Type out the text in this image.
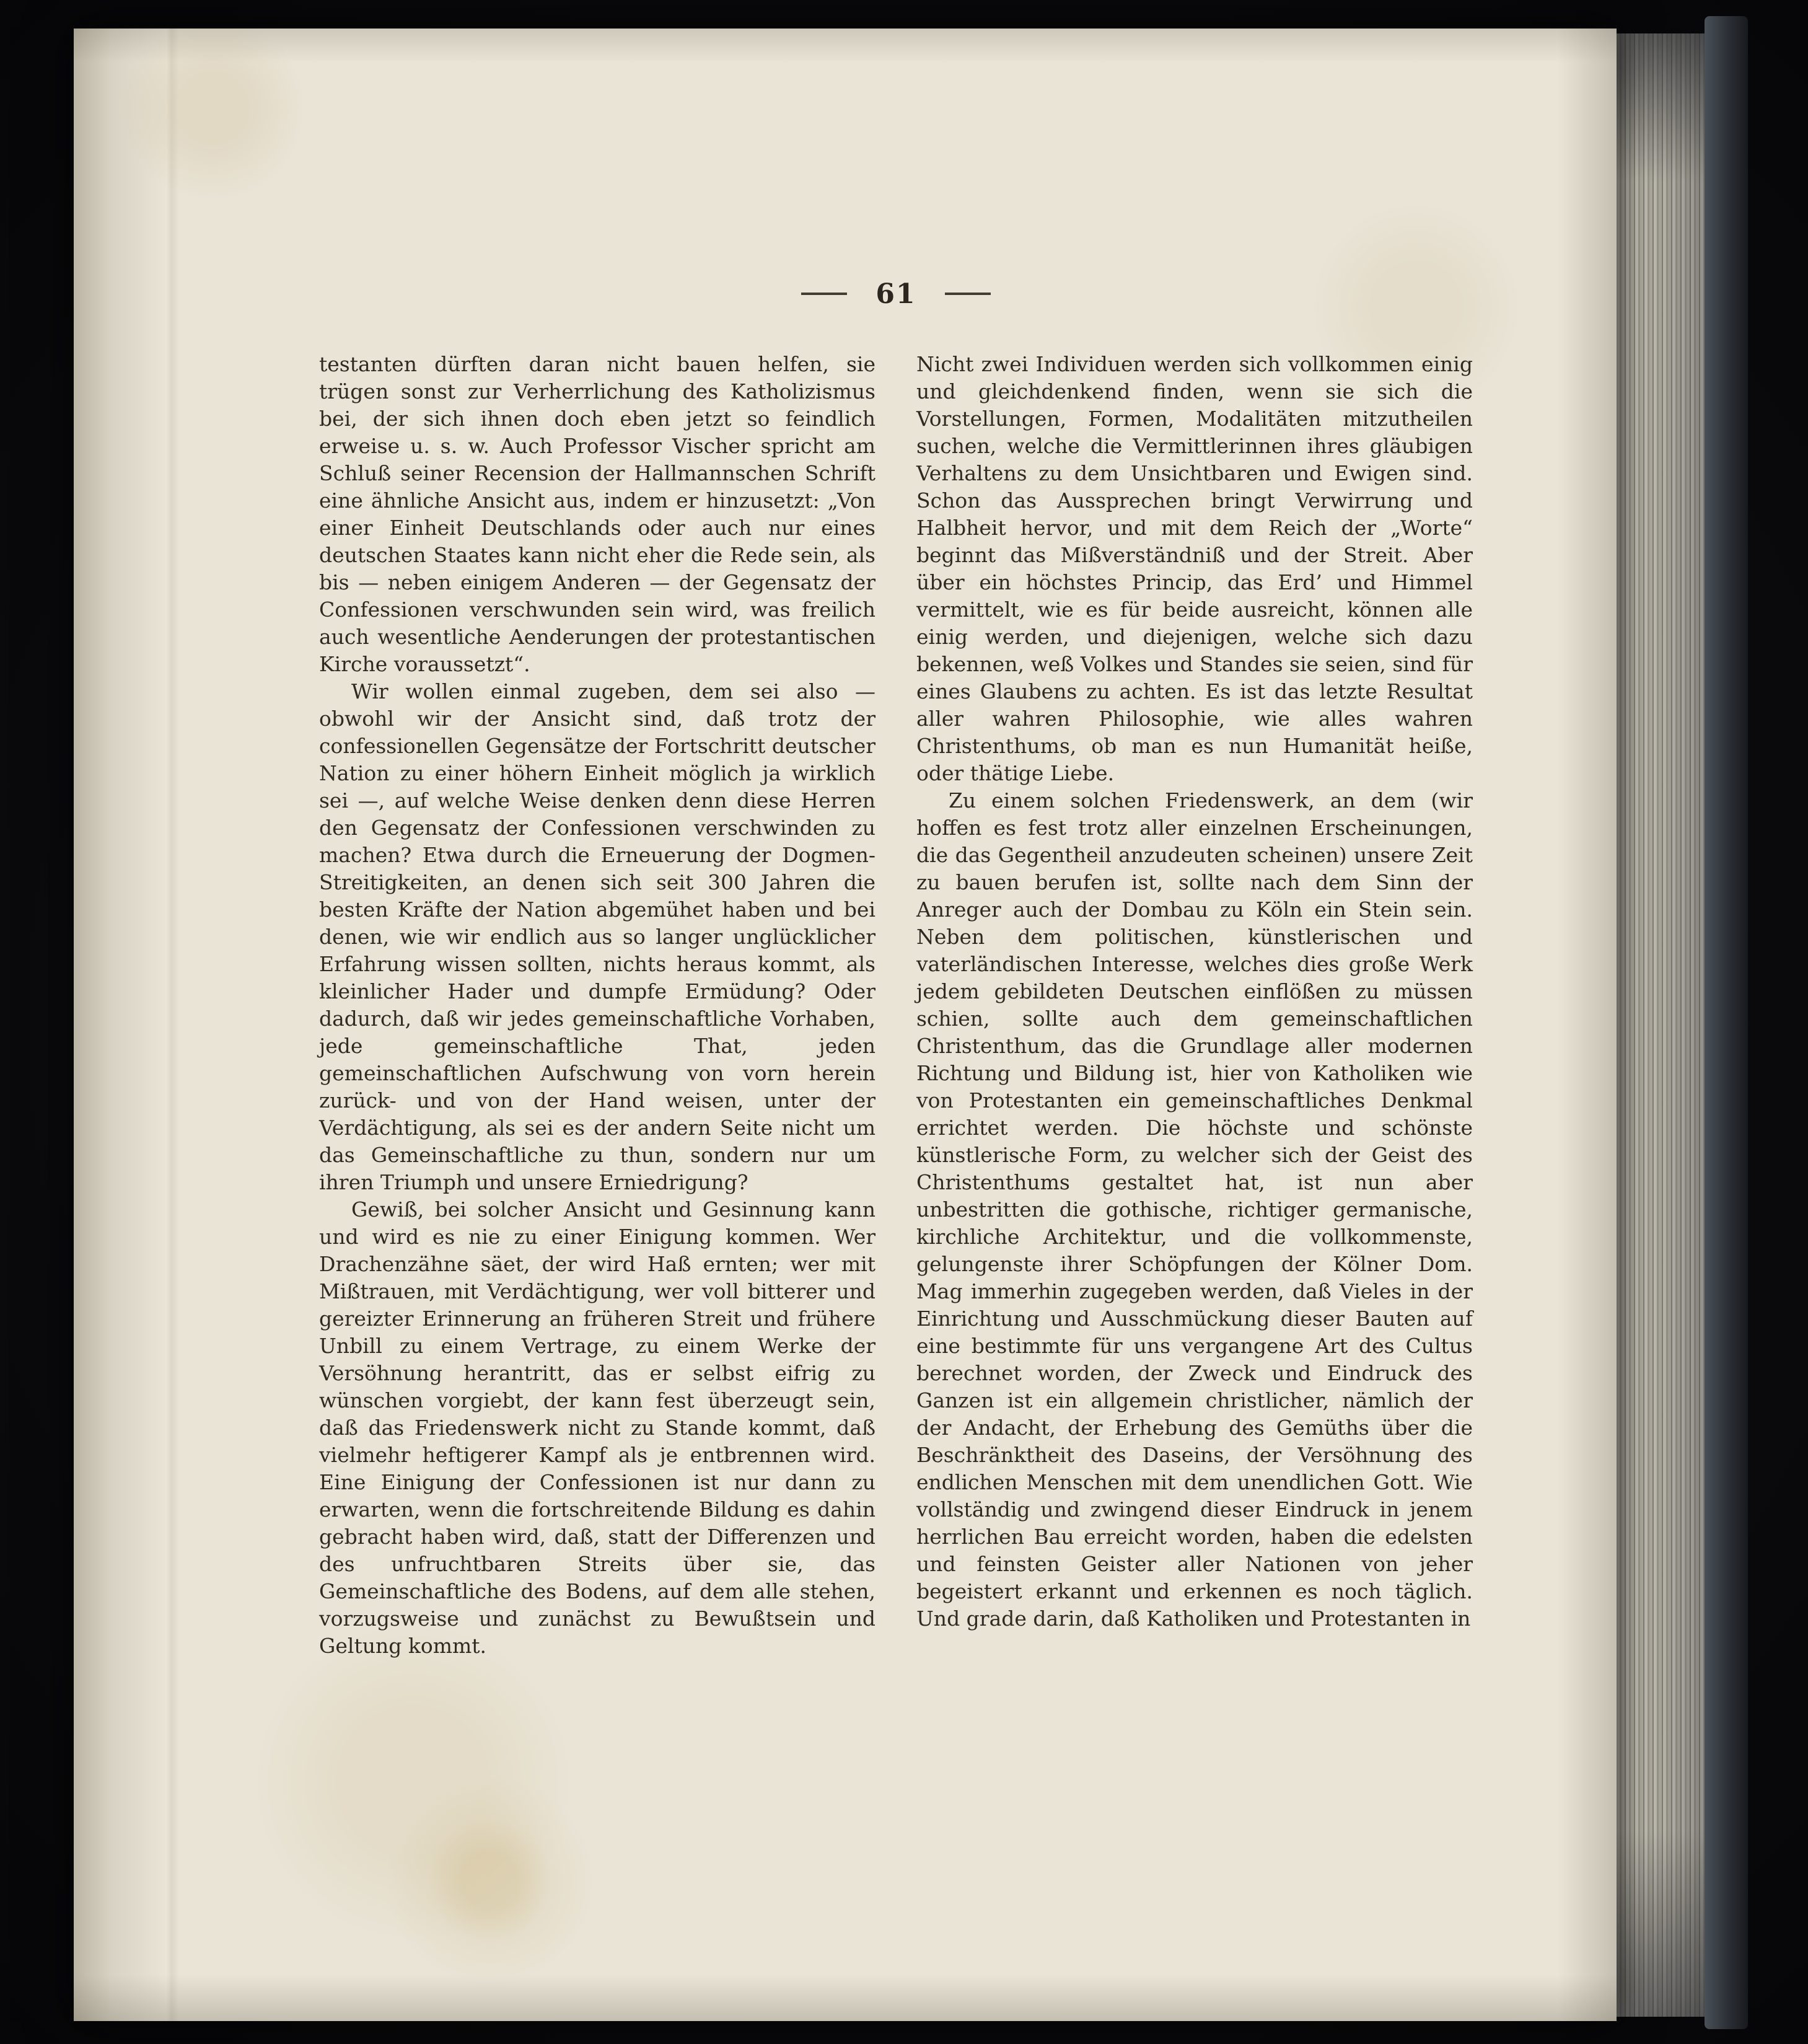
61

testanten dürften daran nicht bauen helfen, sie trügen sonst zur Verherrlichung des Katholizismus bei, der sich ihnen doch eben jetzt so feindlich erweise u. s. w. Auch Professor Vischer spricht am Schluß seiner Recension der Hallmannschen Schrift eine ähnliche Ansicht aus, indem er hinzusetzt: „Von einer Einheit Deutschlands oder auch nur eines deutschen Staates kann nicht eher die Rede sein, als bis — neben einigem Anderen — der Gegensatz der Confessionen verschwunden sein wird, was freilich auch wesentliche Aenderungen der protestantischen Kirche voraussetzt“.

Wir wollen einmal zugeben, dem sei also — obwohl wir der Ansicht sind, daß trotz der confessionellen Gegensätze der Fortschritt deutscher Nation zu einer höhern Einheit möglich ja wirklich sei —, auf welche Weise denken denn diese Herren den Gegensatz der Confessionen verschwinden zu machen? Etwa durch die Erneuerung der Dogmen-Streitigkeiten, an denen sich seit 300 Jahren die besten Kräfte der Nation abgemühet haben und bei denen, wie wir endlich aus so langer unglücklicher Erfahrung wissen sollten, nichts heraus kommt, als kleinlicher Hader und dumpfe Ermüdung? Oder dadurch, daß wir jedes gemeinschaftliche Vorhaben, jede gemeinschaftliche That, jeden gemeinschaftlichen Aufschwung von vorn herein zurück- und von der Hand weisen, unter der Verdächtigung, als sei es der andern Seite nicht um das Gemeinschaftliche zu thun, sondern nur um ihren Triumph und unsere Erniedrigung?

Gewiß, bei solcher Ansicht und Gesinnung kann und wird es nie zu einer Einigung kommen. Wer Drachenzähne säet, der wird Haß ernten; wer mit Mißtrauen, mit Verdächtigung, wer voll bitterer und gereizter Erinnerung an früheren Streit und frühere Unbill zu einem Vertrage, zu einem Werke der Versöhnung herantritt, das er selbst eifrig zu wünschen vorgiebt, der kann fest überzeugt sein, daß das Friedenswerk nicht zu Stande kommt, daß vielmehr heftigerer Kampf als je entbrennen wird. Eine Einigung der Confessionen ist nur dann zu erwarten, wenn die fortschreitende Bildung es dahin gebracht haben wird, daß, statt der Differenzen und des unfruchtbaren Streits über sie, das Gemeinschaftliche des Bodens, auf dem alle stehen, vorzugsweise und zunächst zu Bewußtsein und Geltung kommt.

Nicht zwei Individuen werden sich vollkommen einig und gleichdenkend finden, wenn sie sich die Vorstellungen, Formen, Modalitäten mitzutheilen suchen, welche die Vermittlerinnen ihres gläubigen Verhaltens zu dem Unsichtbaren und Ewigen sind. Schon das Aussprechen bringt Verwirrung und Halbheit hervor, und mit dem Reich der „Worte“ beginnt das Mißverständniß und der Streit. Aber über ein höchstes Princip, das Erd’ und Himmel vermittelt, wie es für beide ausreicht, können alle einig werden, und diejenigen, welche sich dazu bekennen, weß Volkes und Standes sie seien, sind für eines Glaubens zu achten. Es ist das letzte Resultat aller wahren Philosophie, wie alles wahren Christenthums, ob man es nun Humanität heiße, oder thätige Liebe.

Zu einem solchen Friedenswerk, an dem (wir hoffen es fest trotz aller einzelnen Erscheinungen, die das Gegentheil anzudeuten scheinen) unsere Zeit zu bauen berufen ist, sollte nach dem Sinn der Anreger auch der Dombau zu Köln ein Stein sein. Neben dem politischen, künstlerischen und vaterländischen Interesse, welches dies große Werk jedem gebildeten Deutschen einflößen zu müssen schien, sollte auch dem gemeinschaftlichen Christenthum, das die Grundlage aller modernen Richtung und Bildung ist, hier von Katholiken wie von Protestanten ein gemeinschaftliches Denkmal errichtet werden. Die höchste und schönste künstlerische Form, zu welcher sich der Geist des Christenthums gestaltet hat, ist nun aber unbestritten die gothische, richtiger germanische, kirchliche Architektur, und die vollkommenste, gelungenste ihrer Schöpfungen der Kölner Dom. Mag immerhin zugegeben werden, daß Vieles in der Einrichtung und Ausschmückung dieser Bauten auf eine bestimmte für uns vergangene Art des Cultus berechnet worden, der Zweck und Eindruck des Ganzen ist ein allgemein christlicher, nämlich der der Andacht, der Erhebung des Gemüths über die Beschränktheit des Daseins, der Versöhnung des endlichen Menschen mit dem unendlichen Gott. Wie vollständig und zwingend dieser Eindruck in jenem herrlichen Bau erreicht worden, haben die edelsten und feinsten Geister aller Nationen von jeher begeistert erkannt und erkennen es noch täglich. Und grade darin, daß Katholiken und Protestanten in
